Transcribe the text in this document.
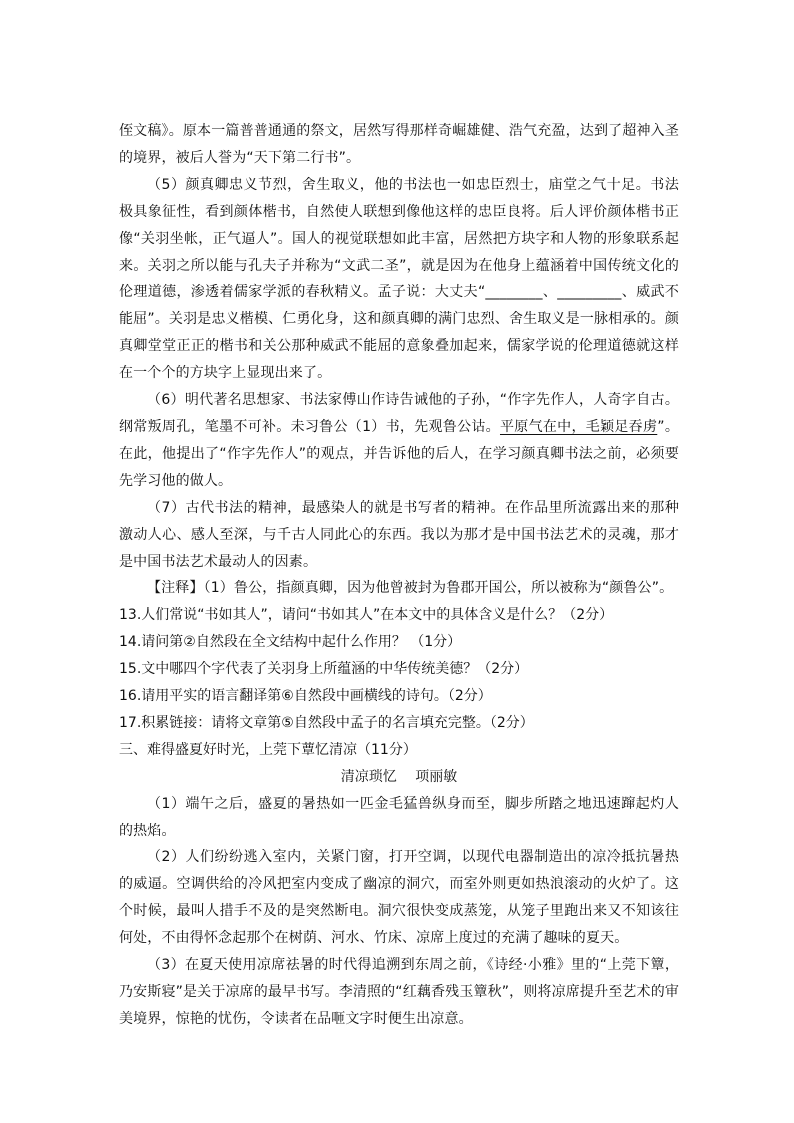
侄文稿》。原本一篇普普通通的祭文，居然写得那样奇崛雄健、浩气充盈，达到了超神入圣的境界，被后人誉为“天下第二行书”。

（5）颜真卿忠义节烈，舍生取义，他的书法也一如忠臣烈士，庙堂之气十足。书法极具象征性，看到颜体楷书，自然使人联想到像他这样的忠臣良将。后人评价颜体楷书正像“关羽坐帐，正气逼人”。国人的视觉联想如此丰富，居然把方块字和人物的形象联系起来。关羽之所以能与孔夫子并称为“文武二圣”，就是因为在他身上蕴涵着中国传统文化的伦理道德，渗透着儒家学派的春秋精义。孟子说：大丈夫“________、_________、威武不能屈”。关羽是忠义楷模、仁勇化身，这和颜真卿的满门忠烈、舍生取义是一脉相承的。颜真卿堂堂正正的楷书和关公那种威武不能屈的意象叠加起来，儒家学说的伦理道德就这样在一个个的方块字上显现出来了。

（6）明代著名思想家、书法家傅山作诗告诫他的子孙，“作字先作人，人奇字自古。纲常叛周孔，笔墨不可补。未习鲁公（1）书，先观鲁公诂。平原气在中，毛颖足吞虏”。在此，他提出了“作字先作人”的观点，并告诉他的后人，在学习颜真卿书法之前，必须要先学习他的做人。

（7）古代书法的精神，最感染人的就是书写者的精神。在作品里所流露出来的那种激动人心、感人至深，与千古人同此心的东西。我以为那才是中国书法艺术的灵魂，那才是中国书法艺术最动人的因素。

【注释】（1）鲁公，指颜真卿，因为他曾被封为鲁郡开国公，所以被称为“颜鲁公”。

13.人们常说“书如其人”，请问“书如其人”在本文中的具体含义是什么？（2分）

14.请问第②自然段在全文结构中起什么作用？ （1分）

15.文中哪四个字代表了关羽身上所蕴涵的中华传统美德？（2分）

16.请用平实的语言翻译第⑥自然段中画横线的诗句。（2分）

17.积累链接：请将文章第⑤自然段中孟子的名言填充完整。（2分）

三、难得盛夏好时光，上莞下蕈忆清凉（11分）

清凉琐忆　 项丽敏

（1）端午之后，盛夏的暑热如一匹金毛猛兽纵身而至，脚步所踏之地迅速蹿起灼人的热焰。

（2）人们纷纷逃入室内，关紧门窗，打开空调，以现代电器制造出的凉冷抵抗暑热的威逼。空调供给的冷风把室内变成了幽凉的洞穴，而室外则更如热浪滚动的火炉了。这个时候，最叫人措手不及的是突然断电。洞穴很快变成蒸笼，从笼子里跑出来又不知该往何处，不由得怀念起那个在树荫、河水、竹床、凉席上度过的充满了趣味的夏天。

（3）在夏天使用凉席祛暑的时代得追溯到东周之前，《诗经·小雅》里的“上莞下簟，乃安斯寝”是关于凉席的最早书写。李清照的“红藕香残玉簟秋”，则将凉席提升至艺术的审美境界，惊艳的忧伤，令读者在品咂文字时便生出凉意。
